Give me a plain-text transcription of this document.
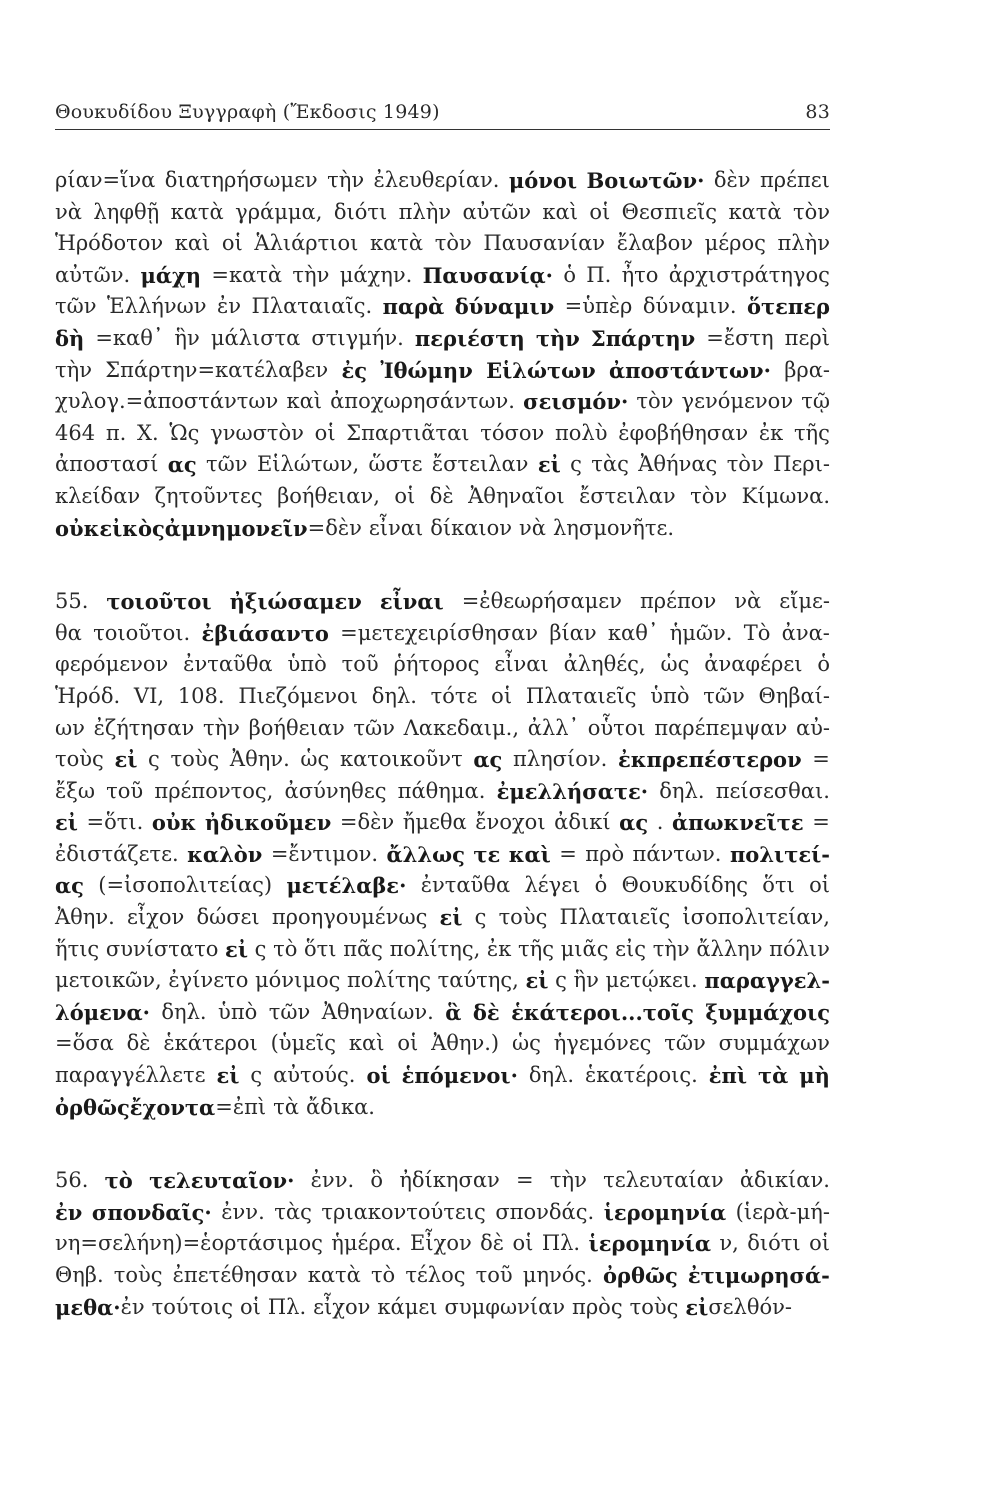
Θουκυδίδου Ξυγγραφὴ (Ἔκδοσις 1949)	83
ρίαν=ἵνα διατηρήσωμεν τὴν ἐλευθερίαν. μόνοι Βοιωτῶν· δὲν πρέπει
νὰ ληφθῇ κατὰ γράμμα, διότι πλὴν αὐτῶν καὶ οἱ Θεσπιεῖς κατὰ τὸν
Ἡρόδοτον καὶ οἱ Ἁλιάρτιοι κατὰ τὸν Παυσανίαν ἔλαβον μέρος πλὴν
αὐτῶν. μάχη =κατὰ τὴν μάχην. Παυσανίᾳ· ὁ Π. ἦτο ἀρχιστράτηγος
τῶν Ἑλλήνων ἐν Πλαταιαῖς. παρὰ δύναμιν =ὑπὲρ δύναμιν. ὅτεπερ
δὴ =καθ᾿ ἣν μάλιστα στιγμήν. περιέστη τὴν Σπάρτην =ἔστη περὶ
τὴν Σπάρτην=κατέλαβεν ἐς Ἰθώμην Εἱλώτων ἀποστάντων· βρα-
χυλογ.=ἀποστάντων καὶ ἀποχωρησάντων. σεισμόν· τὸν γενόμενον τῷ
464 π. Χ. Ὡς γνωστὸν οἱ Σπαρτιᾶται τόσον πολὺ ἐφοβήθησαν ἐκ τῆς
ἀποστασί ας τῶν Εἱλώτων, ὥστε ἔστειλαν εἰ ς τὰς Ἀθήνας τὸν Περι-
κλείδαν ζητοῦντες βοήθειαν, οἱ δὲ Ἀθηναῖοι ἔστειλαν τὸν Κίμωνα.
οὐκ εἰκὸς ἀμνημονεῖν =δὲν εἶναι δίκαιον νὰ λησμονῆτε.
55. τοιοῦτοι ἠξιώσαμεν εἶναι =ἐθεωρήσαμεν πρέπον νὰ εἴμε-
θα τοιοῦτοι. ἐβιάσαντο =μετεχειρίσθησαν βίαν καθ᾿ ἡμῶν. Τὸ ἀνα-
φερόμενον ἐνταῦθα ὑπὸ τοῦ ῥήτορος εἶναι ἀληθές, ὡς ἀναφέρει ὁ
Ἡρόδ. VI, 108. Πιεζόμενοι δηλ. τότε οἱ Πλαταιεῖς ὑπὸ τῶν Θηβαί-
ων ἐζήτησαν τὴν βοήθειαν τῶν Λακεδαιμ., ἀλλ᾿ οὗτοι παρέπεμψαν αὐ-
τοὺς εἰ ς τοὺς Ἀθην. ὡς κατοικοῦντ ας πλησίον. ἐκπρεπέστερον =
ἔξω τοῦ πρέποντος, ἀσύνηθες πάθημα. ἐμελλήσατε· δηλ. πείσεσθαι.
εἰ =ὅτι. οὐκ ἠδικοῦμεν =δὲν ἤμεθα ἔνοχοι ἀδικί ας . ἀπωκνεῖτε =
ἐδιστάζετε. καλὸν =ἔντιμον. ἄλλως τε καὶ = πρὸ πάντων. πολιτεί-
ας (=ἰσοπολιτείας) μετέλαβε· ἐνταῦθα λέγει ὁ Θουκυδίδης ὅτι οἱ
Ἀθην. εἶχον δώσει προηγουμένως εἰ ς τοὺς Πλαταιεῖς ἰσοπολιτείαν,
ἥτις συνίστατο εἰ ς τὸ ὅτι πᾶς πολίτης, ἐκ τῆς μιᾶς εἰς τὴν ἄλλην πόλιν
μετοικῶν, ἐγίνετο μόνιμος πολίτης ταύτης, εἰ ς ἣν μετῴκει. παραγγελ-
λόμενα· δηλ. ὑπὸ τῶν Ἀθηναίων. ἃ δὲ ἑκάτεροι...τοῖς ξυμμάχοις
=ὅσα δὲ ἑκάτεροι (ὑμεῖς καὶ οἱ Ἀθην.) ὡς ἡγεμόνες τῶν συμμάχων
παραγγέλλετε εἰ ς αὐτούς. οἱ ἑπόμενοι· δηλ. ἑκατέροις. ἐπὶ τὰ μὴ
ὀρθῶς ἔχοντα =ἐπὶ τὰ ἄδικα.
56. τὸ τελευταῖον· ἐνν. ὃ ἠδίκησαν = τὴν τελευταίαν ἀδικίαν.
ἐν σπονδαῖς· ἐνν. τὰς τριακοντούτεις σπονδάς. ἱερομηνία (ἱερὰ-μή-
νη=σελήνη)=ἑορτάσιμος ἡμέρα. Εἶχον δὲ οἱ Πλ. ἱερομηνία ν, διότι οἱ
Θηβ. τοὺς ἐπετέθησαν κατὰ τὸ τέλος τοῦ μηνός. ὀρθῶς ἐτιμωρησά-
μεθα· ἐν τούτοις οἱ Πλ. εἶχον κάμει συμφωνίαν πρὸς τοὺς εἰ σελθόν-
